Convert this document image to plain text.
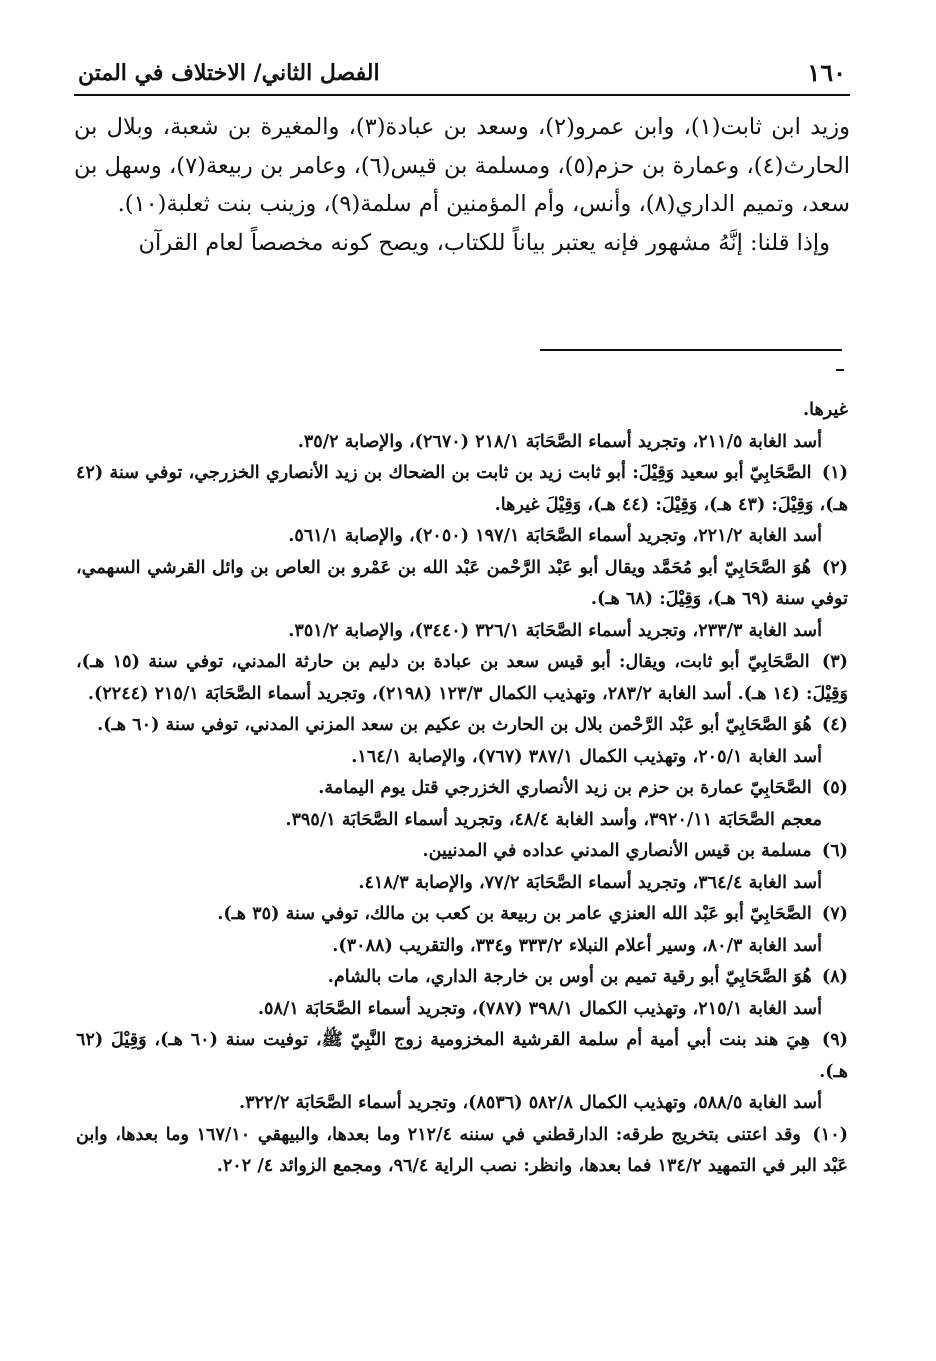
١٦٠
الفصل الثاني/ الاختلاف في المتن

وزيد ابن ثابت(١)، وابن عمرو(٢)، وسعد بن عبادة(٣)، والمغيرة بن شعبة، وبلال بن الحارث(٤)، وعمارة بن حزم(٥)، ومسلمة بن قيس(٦)، وعامر بن ربيعة(٧)، وسهل بن سعد، وتميم الداري(٨)، وأنس، وأم المؤمنين أم سلمة(٩)، وزينب بنت ثعلبة(١٠).

وإذا قلنا: إنَّهُ مشهور فإنه يعتبر بياناً للكتاب، ويصح كونه مخصصاً لعام القرآن

غيرها.

أسد الغابة ٢١١/٥، وتجريد أسماء الصَّحَابَة ٢١٨/١ (٢٦٧٠)، والإصابة ٣٥/٢.

(١) الصَّحَابِيّ أبو سعيد وَقِيْلَ: أبو ثابت زيد بن ثابت بن الضحاك بن زيد الأنصاري الخزرجي، توفي سنة (٤٢ هـ)، وَقِيْلَ: (٤٣ هـ)، وَقِيْلَ: (٤٤ هـ)، وَقِيْلَ غيرها.

أسد الغابة ٢٢١/٢، وتجريد أسماء الصَّحَابَة ١٩٧/١ (٢٠٥٠)، والإصابة ٥٦١/١.

(٢) هُوَ الصَّحَابِيّ أبو مُحَمَّد ويقال أبو عَبْد الرَّحْمن عَبْد الله بن عَمْرو بن العاص بن وائل القرشي السهمي، توفي سنة (٦٩ هـ)، وَقِيْلَ: (٦٨ هـ).

أسد الغابة ٢٣٣/٣، وتجريد أسماء الصَّحَابَة ٣٢٦/١ (٣٤٤٠)، والإصابة ٣٥١/٢.

(٣) الصَّحَابِيّ أبو ثابت، ويقال: أبو قيس سعد بن عبادة بن دليم بن حارثة المدني، توفي سنة (١٥ هـ)، وَقِيْلَ: (١٤ هـ). أسد الغابة ٢٨٣/٢، وتهذيب الكمال ١٢٣/٣ (٢١٩٨)، وتجريد أسماء الصَّحَابَة ٢١٥/١ (٢٢٤٤).

(٤) هُوَ الصَّحَابِيّ أبو عَبْد الرَّحْمن بلال بن الحارث بن عكيم بن سعد المزني المدني، توفي سنة (٦٠ هـ).

أسد الغابة ٢٠٥/١، وتهذيب الكمال ٣٨٧/١ (٧٦٧)، والإصابة ١٦٤/١.

(٥) الصَّحَابِيّ عمارة بن حزم بن زيد الأنصاري الخزرجي قتل يوم اليمامة.

معجم الصَّحَابَة ٣٩٢٠/١١، وأسد الغابة ٤٨/٤، وتجريد أسماء الصَّحَابَة ٣٩٥/١.

(٦) مسلمة بن قيس الأنصاري المدني عداده في المدنيين.

أسد الغابة ٣٦٤/٤، وتجريد أسماء الصَّحَابَة ٧٧/٢، والإصابة ٤١٨/٣.

(٧) الصَّحَابِيّ أبو عَبْد الله العنزي عامر بن ربيعة بن كعب بن مالك، توفي سنة (٣٥ هـ).

أسد الغابة ٨٠/٣، وسير أعلام النبلاء ٣٣٣/٢ و٣٣٤، والتقريب (٣٠٨٨).

(٨) هُوَ الصَّحَابِيّ أبو رقية تميم بن أوس بن خارجة الداري، مات بالشام.

أسد الغابة ٢١٥/١، وتهذيب الكمال ٣٩٨/١ (٧٨٧)، وتجريد أسماء الصَّحَابَة ٥٨/١.

(٩) هِيَ هند بنت أبي أمية أم سلمة القرشية المخزومية زوج النَّبِيّ ﷺ، توفيت سنة (٦٠ هـ)، وَقِيْلَ (٦٢ هـ).

أسد الغابة ٥٨٨/٥، وتهذيب الكمال ٥٨٢/٨ (٨٥٣٦)، وتجريد أسماء الصَّحَابَة ٣٢٢/٢.

(١٠) وقد اعتنى بتخريج طرقه: الدارقطني في سننه ٢١٢/٤ وما بعدها، والبيهقي ١٦٧/١٠ وما بعدها، وابن عَبْد البر في التمهيد ١٣٤/٢ فما بعدها، وانظر: نصب الراية ٩٦/٤، ومجمع الزوائد ٤/ ٢٠٢.
